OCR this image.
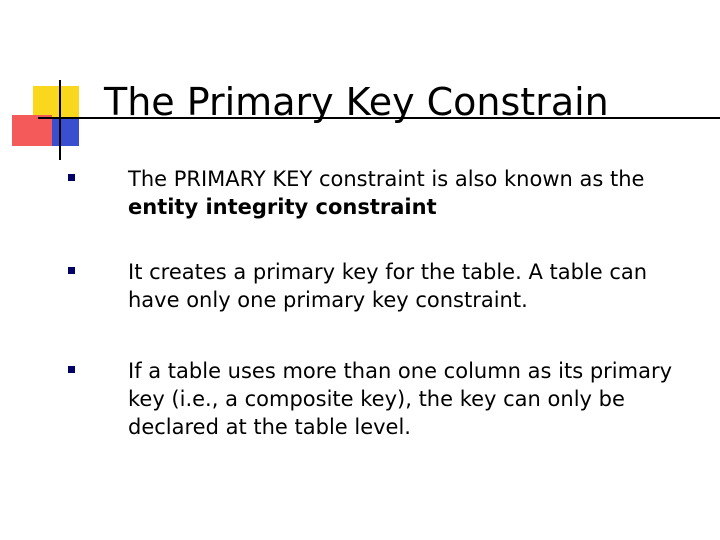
The Primary Key Constrain
The PRIMARY KEY constraint is also known as the entity integrity constraint
It creates a primary key for the table. A table can have only one primary key constraint.
If a table uses more than one column as its primary key (i.e., a composite key), the key can only be declared at the table level.
